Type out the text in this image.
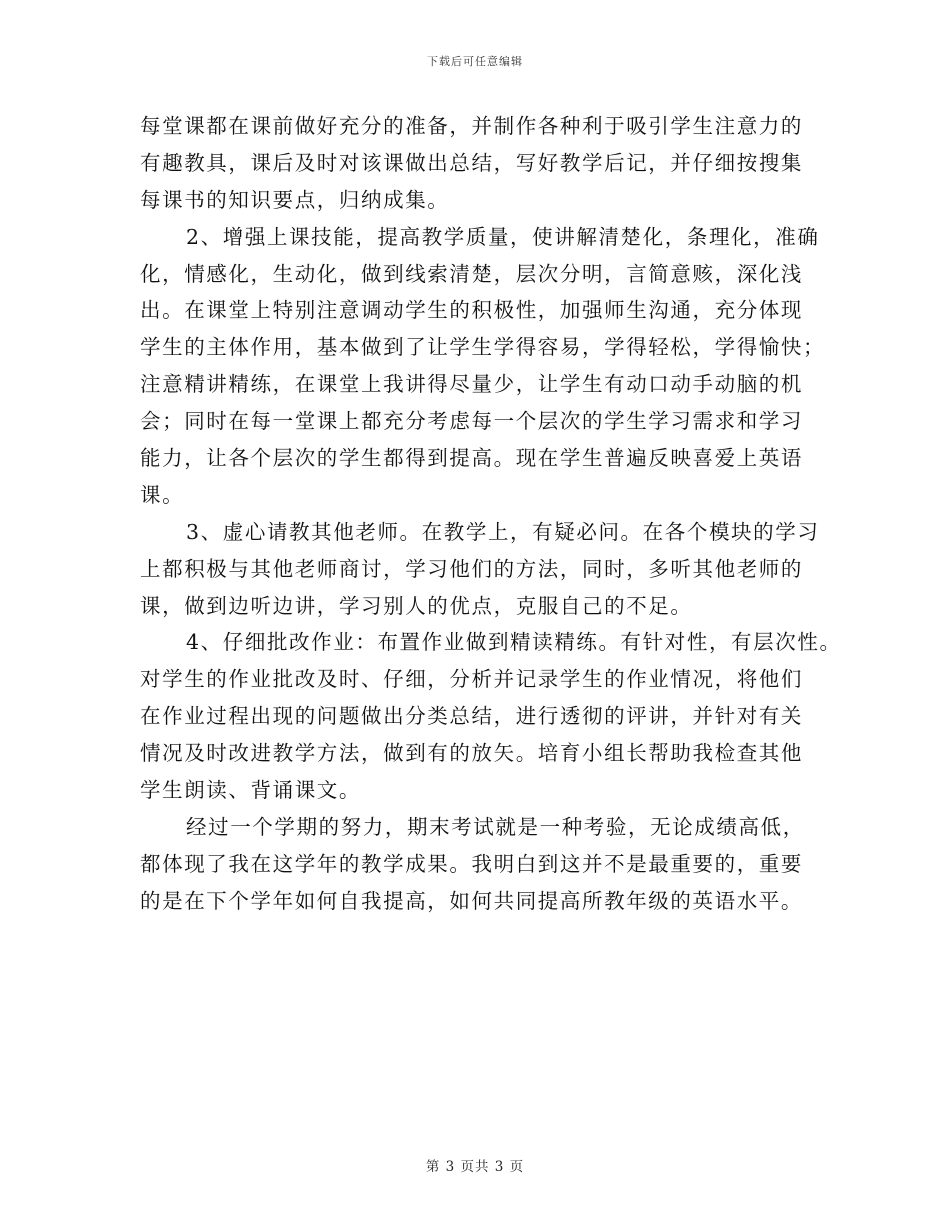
下载后可任意编辑
每堂课都在课前做好充分的准备，并制作各种利于吸引学生注意力的
有趣教具，课后及时对该课做出总结，写好教学后记，并仔细按搜集
每课书的知识要点，归纳成集。
2、增强上课技能，提高教学质量，使讲解清楚化，条理化，准确
化，情感化，生动化，做到线索清楚，层次分明，言简意赅，深化浅
出。在课堂上特别注意调动学生的积极性，加强师生沟通，充分体现
学生的主体作用，基本做到了让学生学得容易，学得轻松，学得愉快；
注意精讲精练，在课堂上我讲得尽量少，让学生有动口动手动脑的机
会；同时在每一堂课上都充分考虑每一个层次的学生学习需求和学习
能力，让各个层次的学生都得到提高。现在学生普遍反映喜爱上英语
课。
3、虚心请教其他老师。在教学上，有疑必问。在各个模块的学习
上都积极与其他老师商讨，学习他们的方法，同时，多听其他老师的
课，做到边听边讲，学习别人的优点，克服自己的不足。
4、仔细批改作业：布置作业做到精读精练。有针对性，有层次性。
对学生的作业批改及时、仔细，分析并记录学生的作业情况，将他们
在作业过程出现的问题做出分类总结，进行透彻的评讲，并针对有关
情况及时改进教学方法，做到有的放矢。培育小组长帮助我检查其他
学生朗读、背诵课文。
经过一个学期的努力，期末考试就是一种考验，无论成绩高低，
都体现了我在这学年的教学成果。我明白到这并不是最重要的，重要
的是在下个学年如何自我提高，如何共同提高所教年级的英语水平。
第 3 页共 3 页
